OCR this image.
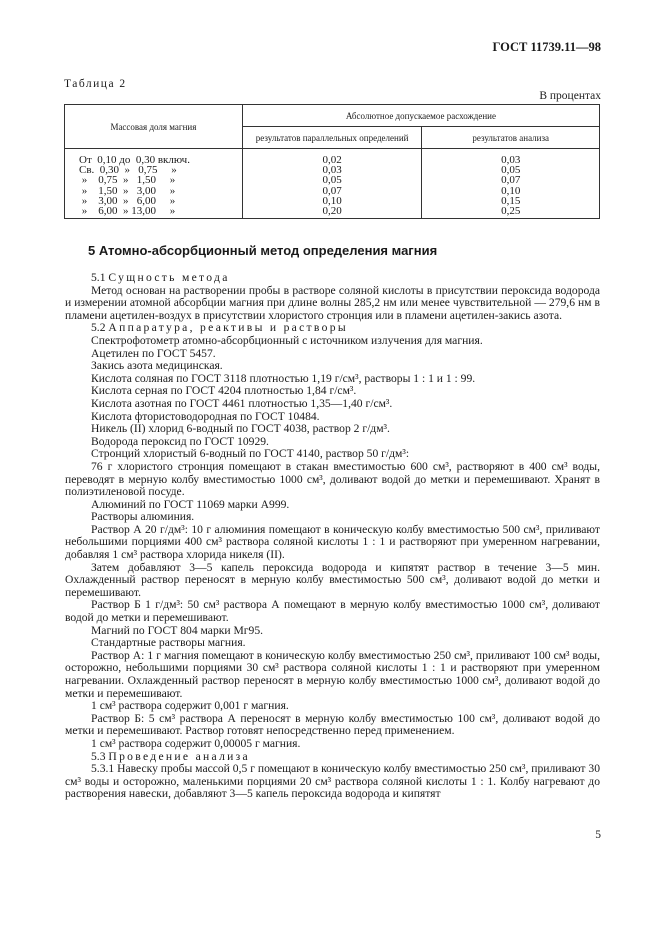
ГОСТ 11739.11—98
Таблица 2
В процентах
Массовая доля магния	Абсолютное допускаемое расхождение	
	результатов параллельных определений	результатов анализа
От  0,10 до  0,30 включ.	0,02	0,03
Св.  0,30  »   0,75     »	0,03	0,05
»    0,75  »   1,50     »	0,05	0,07
»    1,50  »   3,00     »	0,07	0,10
»    3,00  »   6,00     »	0,10	0,15
»    6,00  » 13,00     »	0,20	0,25
5 Атомно-абсорбционный метод определения магния

5.1 Сущность метода

Метод основан на растворении пробы в растворе соляной кислоты в присутствии пероксида водорода и измерении атомной абсорбции магния при длине волны 285,2 нм или менее чувствительной — 279,6 нм в пламени ацетилен-воздух в присутствии хлористого стронция или в пламени ацетилен-закись азота.

5.2 Аппаратура, реактивы и растворы

Спектрофотометр атомно-абсорбционный с источником излучения для магния.

Ацетилен по ГОСТ 5457.

Закись азота медицинская.

Кислота соляная по ГОСТ 3118 плотностью 1,19 г/см³, растворы 1 : 1 и 1 : 99.

Кислота серная по ГОСТ 4204 плотностью 1,84 г/см³.

Кислота азотная по ГОСТ 4461 плотностью 1,35—1,40 г/см³.

Кислота фтористоводородная по ГОСТ 10484.

Никель (II) хлорид 6-водный по ГОСТ 4038, раствор 2 г/дм³.

Водорода пероксид по ГОСТ 10929.

Стронций хлористый 6-водный по ГОСТ 4140, раствор 50 г/дм³:

76 г хлористого стронция помещают в стакан вместимостью 600 см³, растворяют в 400 см³ воды, переводят в мерную колбу вместимостью 1000 см³, доливают водой до метки и перемешивают. Хранят в полиэтиленовой посуде.

Алюминий по ГОСТ 11069 марки А999.

Растворы алюминия.

Раствор А 20 г/дм³: 10 г алюминия помещают в коническую колбу вместимостью 500 см³, приливают небольшими порциями 400 см³ раствора соляной кислоты 1 : 1 и растворяют при умеренном нагревании, добавляя 1 см³ раствора хлорида никеля (II).

Затем добавляют 3—5 капель пероксида водорода и кипятят раствор в течение 3—5 мин. Охлажденный раствор переносят в мерную колбу вместимостью 500 см³, доливают водой до метки и перемешивают.

Раствор Б 1 г/дм³: 50 см³ раствора А помещают в мерную колбу вместимостью 1000 см³, доливают водой до метки и перемешивают.

Магний по ГОСТ 804 марки Мг95.

Стандартные растворы магния.

Раствор А: 1 г магния помещают в коническую колбу вместимостью 250 см³, приливают 100 см³ воды, осторожно, небольшими порциями 30 см³ раствора соляной кислоты 1 : 1 и растворяют при умеренном нагревании. Охлажденный раствор переносят в мерную колбу вместимостью 1000 см³, доливают водой до метки и перемешивают.

1 см³ раствора содержит 0,001 г магния.

Раствор Б: 5 см³ раствора А переносят в мерную колбу вместимостью 100 см³, доливают водой до метки и перемешивают. Раствор готовят непосредственно перед применением.

1 см³ раствора содержит 0,00005 г магния.

5.3 Проведение анализа

5.3.1 Навеску пробы массой 0,5 г помещают в коническую колбу вместимостью 250 см³, приливают 30 см³ воды и осторожно, маленькими порциями 20 см³ раствора соляной кислоты 1 : 1. Колбу нагревают до растворения навески, добавляют 3—5 капель пероксида водорода и кипятят

5
